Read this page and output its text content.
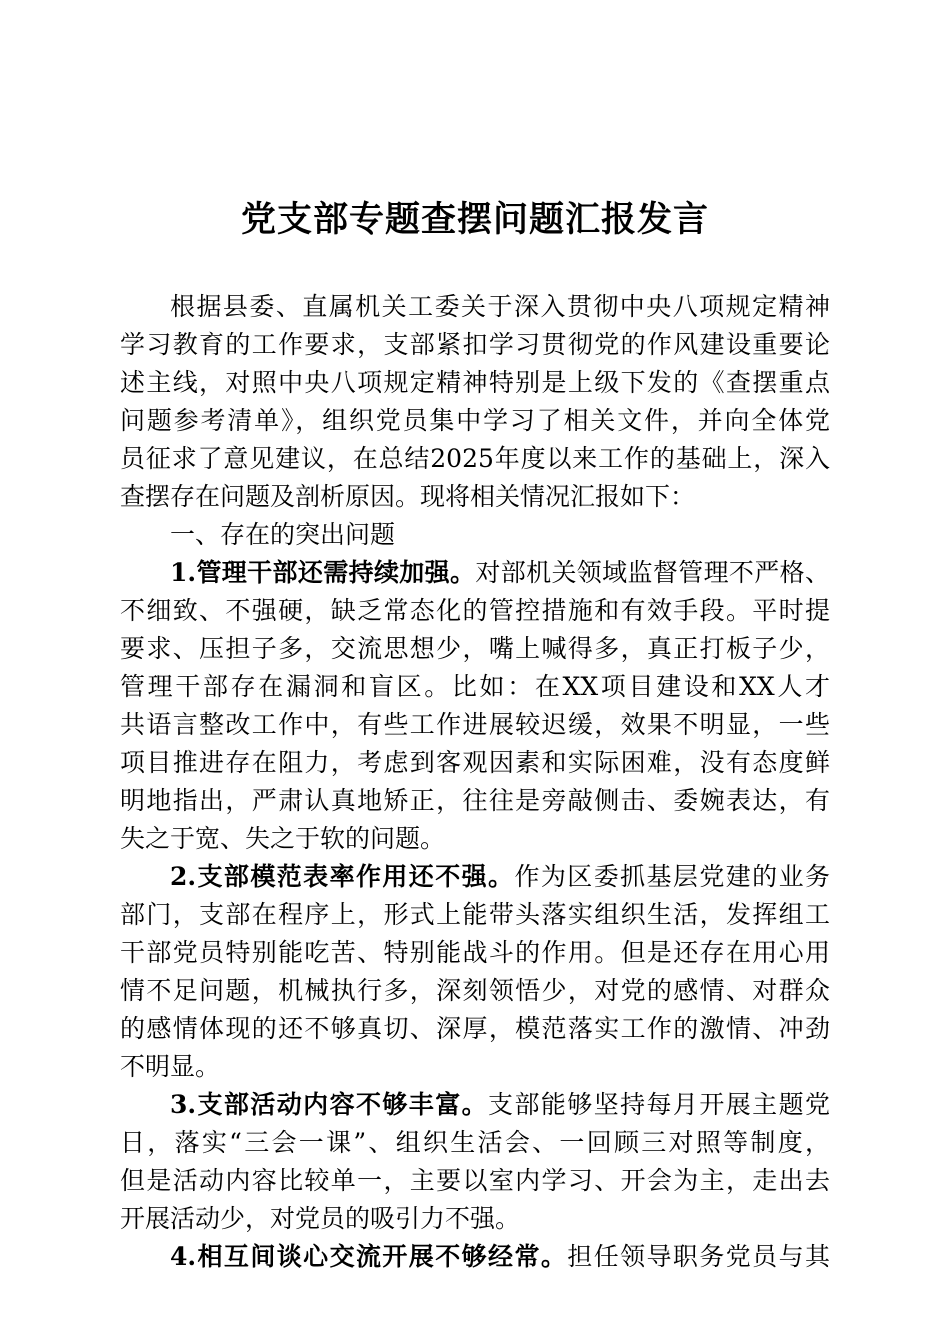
党支部专题查摆问题汇报发言
根据县委、直属机关工委关于深入贯彻中央八项规定精神
学习教育的工作要求，支部紧扣学习贯彻党的作风建设重要论
述主线，对照中央八项规定精神特别是上级下发的《查摆重点
问题参考清单》，组织党员集中学习了相关文件，并向全体党
员征求了意见建议，在总结2025年度以来工作的基础上，深入
查摆存在问题及剖析原因。现将相关情况汇报如下：
一、存在的突出问题
1.管理干部还需持续加强。对部机关领域监督管理不严格、
不细致、不强硬，缺乏常态化的管控措施和有效手段。平时提
要求、压担子多，交流思想少，嘴上喊得多，真正打板子少，
管理干部存在漏洞和盲区。比如：在XX项目建设和XX人才
共语言整改工作中，有些工作进展较迟缓，效果不明显，一些
项目推进存在阻力，考虑到客观因素和实际困难，没有态度鲜
明地指出，严肃认真地矫正，往往是旁敲侧击、委婉表达，有
失之于宽、失之于软的问题。
2.支部模范表率作用还不强。作为区委抓基层党建的业务
部门，支部在程序上，形式上能带头落实组织生活，发挥组工
干部党员特别能吃苦、特别能战斗的作用。但是还存在用心用
情不足问题，机械执行多，深刻领悟少，对党的感情、对群众
的感情体现的还不够真切、深厚，模范落实工作的激情、冲劲
不明显。
3.支部活动内容不够丰富。支部能够坚持每月开展主题党
日，落实“三会一课”、组织生活会、一回顾三对照等制度，
但是活动内容比较单一，主要以室内学习、开会为主，走出去
开展活动少，对党员的吸引力不强。
4.相互间谈心交流开展不够经常。担任领导职务党员与其
